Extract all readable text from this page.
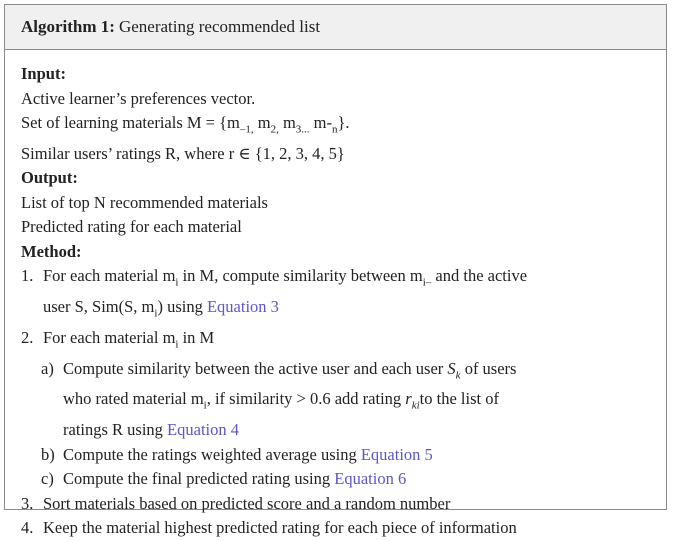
Algorithm 1: Generating recommended list
Input:
Active learner’s preferences vector.
Set of learning materials $M = \{m_{-1,}$ $m_{2,}$ $m_{3...}$ $m-_n$}.
Similar users’ ratings R, where r ∈ {1, 2, 3, 4, 5}
Output:
List of top N recommended materials
Predicted rating for each material
Method:
1. For each material $m_i$ in M, compute similarity between $m_{i-}$ and the active
user S, Sim(S, $m_i$) using Equation 3
2. For each material $m_i$ in M
a) Compute similarity between the active user and each user $S_k$ of users
who rated material $m_i$, if similarity > 0.6 add rating $r_{ki}to$ the list of
ratings R using Equation 4
b) Compute the ratings weighted average using Equation 5
c) Compute the final predicted rating using Equation 6
3. Sort materials based on predicted score and a random number
4. Keep the material highest predicted rating for each piece of information
